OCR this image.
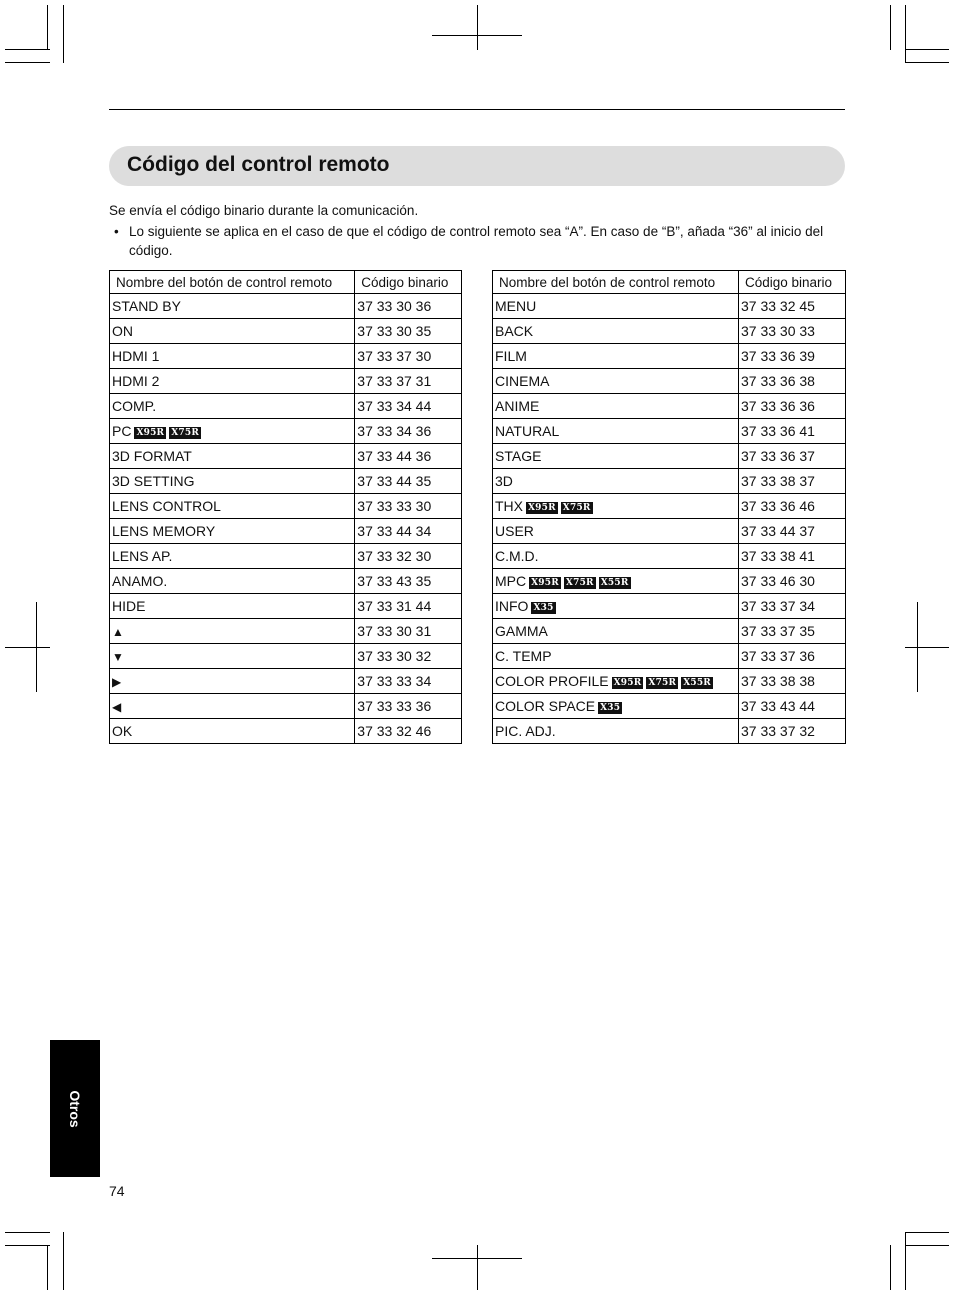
Código del control remoto

Se envía el código binario durante la comunicación.

• Lo siguiente se aplica en el caso de que el código de control remoto sea “A”. En caso de “B”, añada “36” al inicio del código.

Nombre del botón de control remoto	Código binario
STAND BY	37 33 30 36
ON	37 33 30 35
HDMI 1	37 33 37 30
HDMI 2	37 33 37 31
COMP.	37 33 34 44
PC X95R X75R	37 33 34 36
3D FORMAT	37 33 44 36
3D SETTING	37 33 44 35
LENS CONTROL	37 33 33 30
LENS MEMORY	37 33 44 34
LENS AP.	37 33 32 30
ANAMO.	37 33 43 35
HIDE	37 33 31 44
▲	37 33 30 31
▼	37 33 30 32
▶	37 33 33 34
◀	37 33 33 36
OK	37 33 32 46
Nombre del botón de control remoto	Código binario
MENU	37 33 32 45
BACK	37 33 30 33
FILM	37 33 36 39
CINEMA	37 33 36 38
ANIME	37 33 36 36
NATURAL	37 33 36 41
STAGE	37 33 36 37
3D	37 33 38 37
THX X95R X75R	37 33 36 46
USER	37 33 44 37
C.M.D.	37 33 38 41
MPC X95R X75R X55R	37 33 46 30
INFO X35	37 33 37 34
GAMMA	37 33 37 35
C. TEMP	37 33 37 36
COLOR PROFILE X95R X75R X55R	37 33 38 38
COLOR SPACE X35	37 33 43 44
PIC. ADJ.	37 33 37 32
Otros
74
